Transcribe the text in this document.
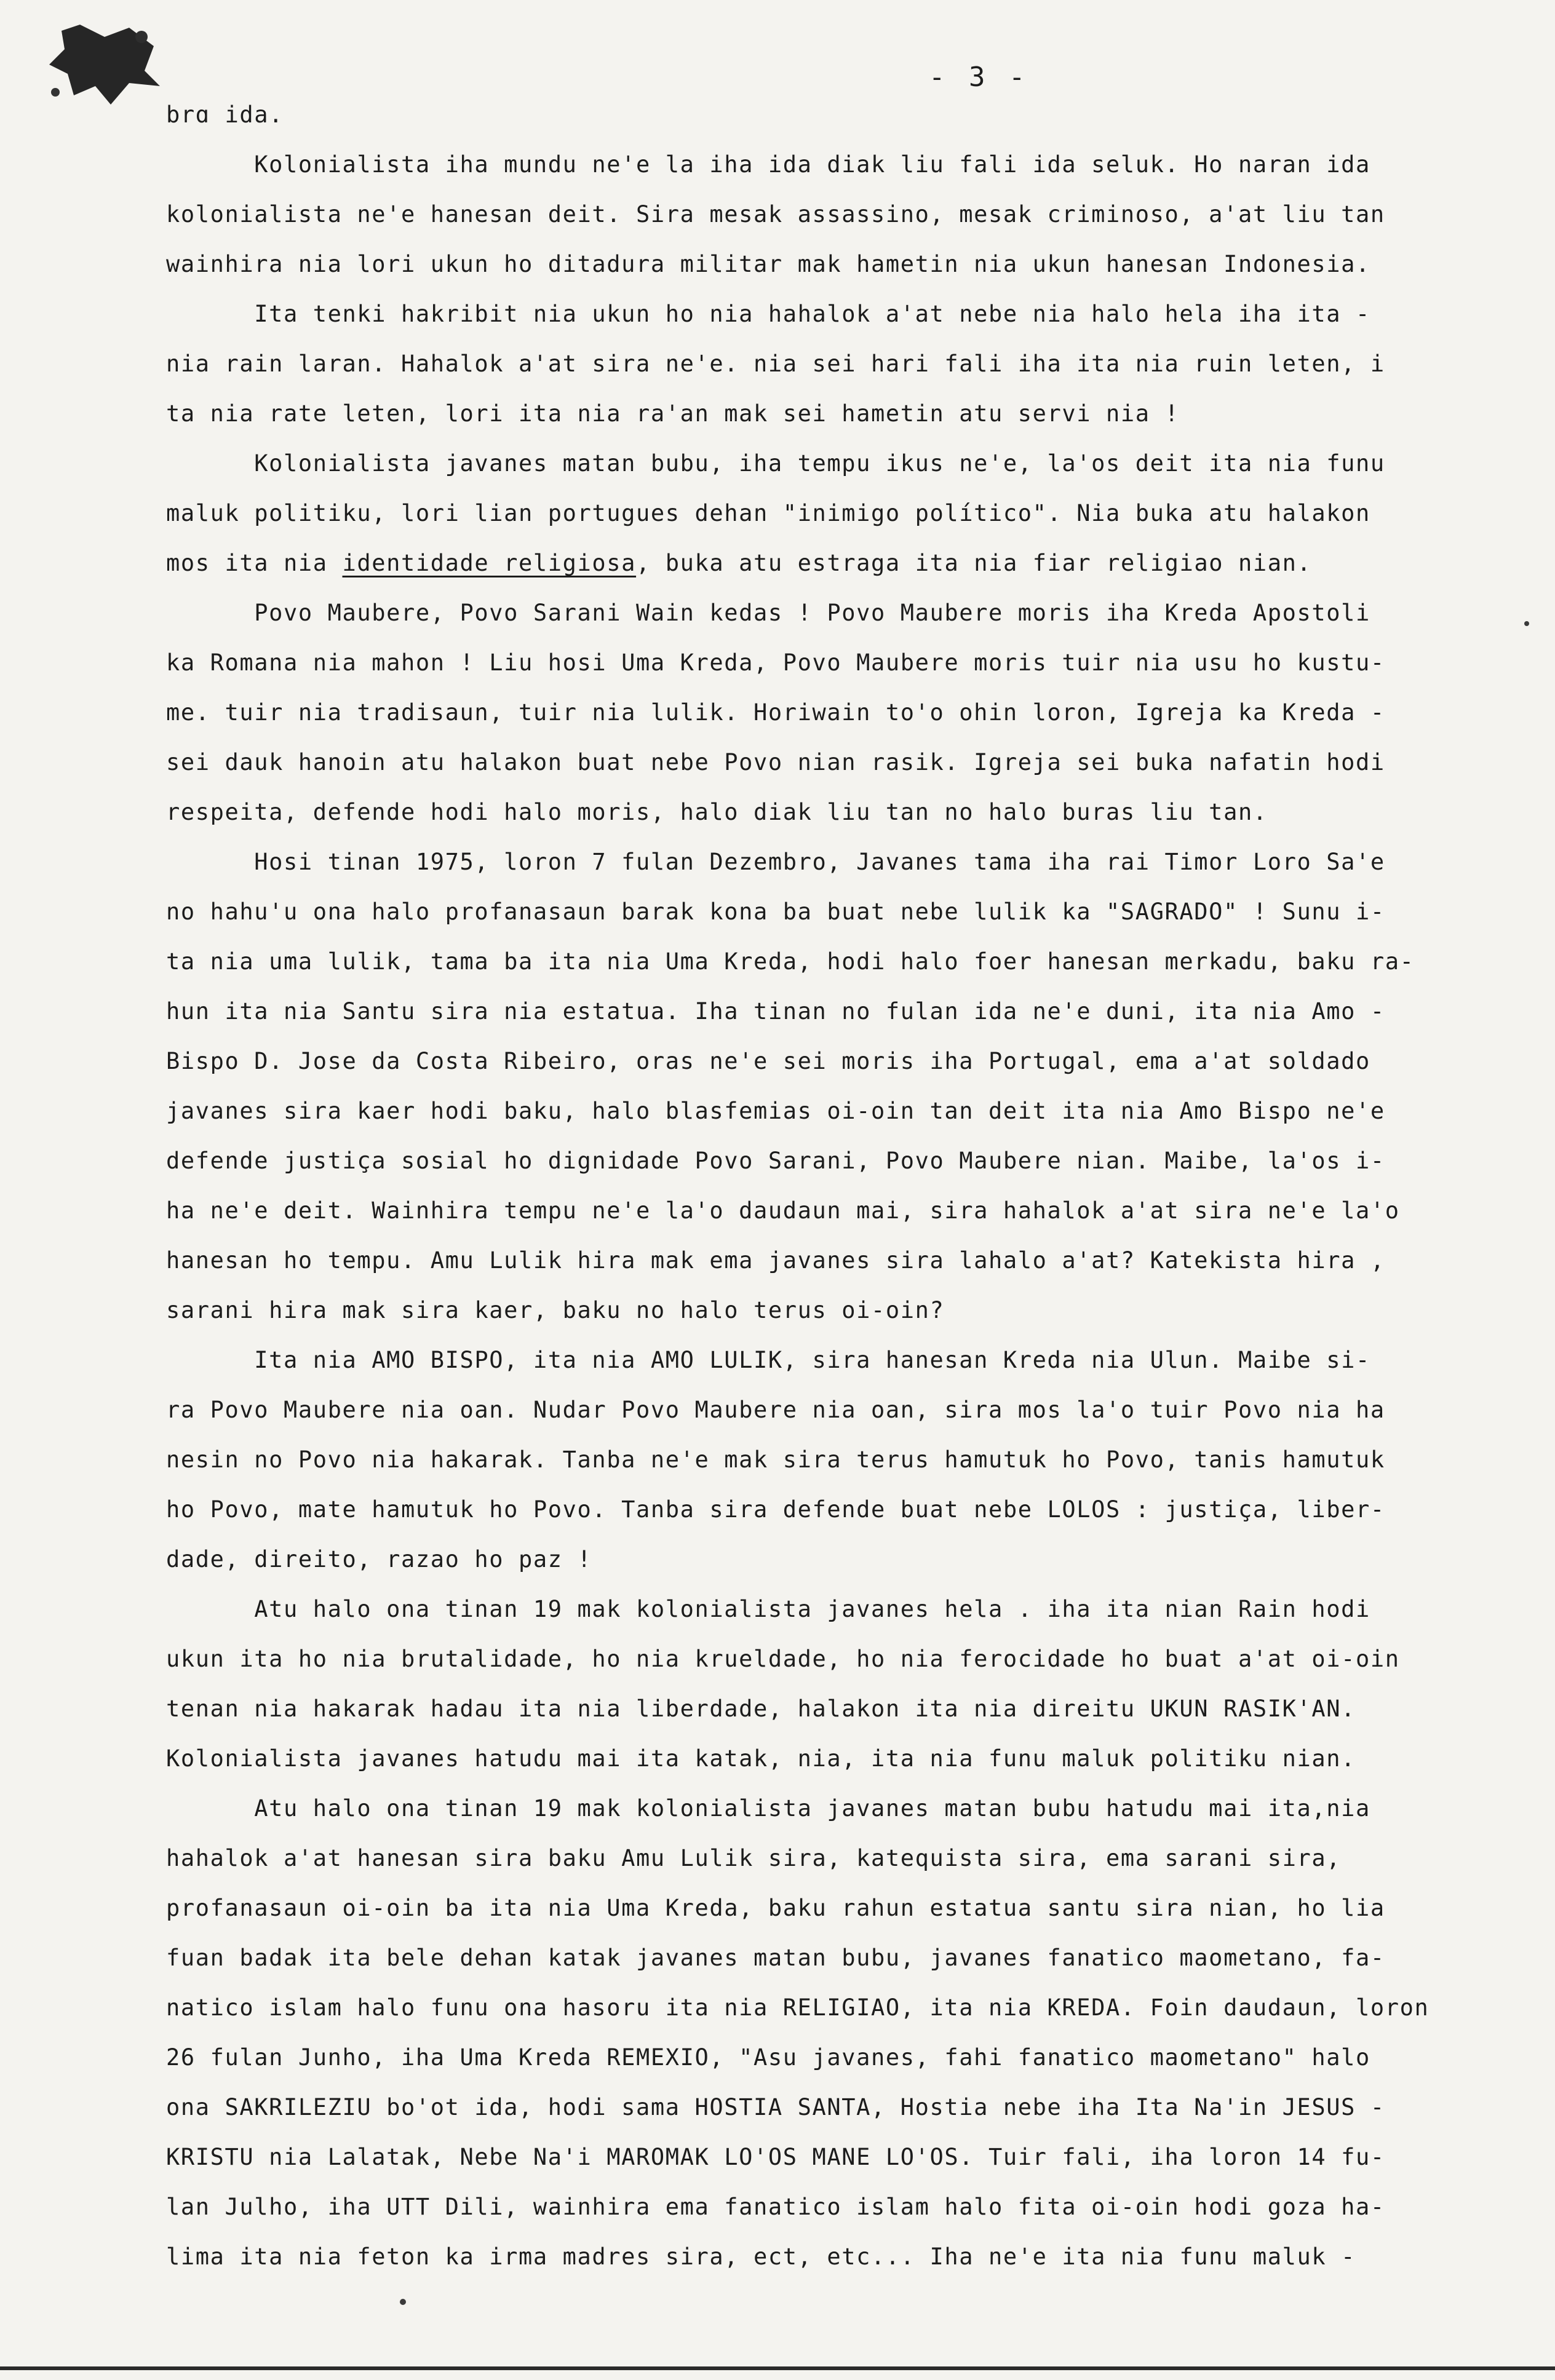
- 3 -
brɑ ida.
Kolonialista iha mundu ne'e la iha ida diak liu fali ida seluk. Ho naran ida
kolonialista ne'e hanesan deit. Sira mesak assassino, mesak criminoso, a'at liu tan
wainhira nia lori ukun ho ditadura militar mak hametin nia ukun hanesan Indonesia.
Ita tenki hakribit nia ukun ho nia hahalok a'at nebe nia halo hela iha ita -
nia rain laran. Hahalok a'at sira ne'e. nia sei hari fali iha ita nia ruin leten, i
ta nia rate leten, lori ita nia ra'an mak sei hametin atu servi nia !
Kolonialista javanes matan bubu, iha tempu ikus ne'e, la'os deit ita nia funu
maluk politiku, lori lian portugues dehan "inimigo político". Nia buka atu halakon
mos ita nia identidade religiosa, buka atu estraga ita nia fiar religiao nian.
Povo Maubere, Povo Sarani Wain kedas ! Povo Maubere moris iha Kreda Apostoli
ka Romana nia mahon ! Liu hosi Uma Kreda, Povo Maubere moris tuir nia usu ho kustu-
me. tuir nia tradisaun, tuir nia lulik. Horiwain to'o ohin loron, Igreja ka Kreda -
sei dauk hanoin atu halakon buat nebe Povo nian rasik. Igreja sei buka nafatin hodi
respeita, defende hodi halo moris, halo diak liu tan no halo buras liu tan.
Hosi tinan 1975, loron 7 fulan Dezembro, Javanes tama iha rai Timor Loro Sa'e
no hahu'u ona halo profanasaun barak kona ba buat nebe lulik ka "SAGRADO" ! Sunu i-
ta nia uma lulik, tama ba ita nia Uma Kreda, hodi halo foer hanesan merkadu, baku ra-
hun ita nia Santu sira nia estatua. Iha tinan no fulan ida ne'e duni, ita nia Amo -
Bispo D. Jose da Costa Ribeiro, oras ne'e sei moris iha Portugal, ema a'at soldado
javanes sira kaer hodi baku, halo blasfemias oi-oin tan deit ita nia Amo Bispo ne'e
defende justiça sosial ho dignidade Povo Sarani, Povo Maubere nian. Maibe, la'os i-
ha ne'e deit. Wainhira tempu ne'e la'o daudaun mai, sira hahalok a'at sira ne'e la'o
hanesan ho tempu. Amu Lulik hira mak ema javanes sira lahalo a'at? Katekista hira ,
sarani hira mak sira kaer, baku no halo terus oi-oin?
Ita nia AMO BISPO, ita nia AMO LULIK, sira hanesan Kreda nia Ulun. Maibe si-
ra Povo Maubere nia oan. Nudar Povo Maubere nia oan, sira mos la'o tuir Povo nia ha
nesin no Povo nia hakarak. Tanba ne'e mak sira terus hamutuk ho Povo, tanis hamutuk
ho Povo, mate hamutuk ho Povo. Tanba sira defende buat nebe LOLOS : justiça, liber-
dade, direito, razao ho paz !
Atu halo ona tinan 19 mak kolonialista javanes hela . iha ita nian Rain hodi
ukun ita ho nia brutalidade, ho nia krueldade, ho nia ferocidade ho buat a'at oi-oin
tenan nia hakarak hadau ita nia liberdade, halakon ita nia direitu UKUN RASIK'AN.
Kolonialista javanes hatudu mai ita katak, nia, ita nia funu maluk politiku nian.
Atu halo ona tinan 19 mak kolonialista javanes matan bubu hatudu mai ita,nia
hahalok a'at hanesan sira baku Amu Lulik sira, katequista sira, ema sarani sira,
profanasaun oi-oin ba ita nia Uma Kreda, baku rahun estatua santu sira nian, ho lia
fuan badak ita bele dehan katak javanes matan bubu, javanes fanatico maometano, fa-
natico islam halo funu ona hasoru ita nia RELIGIAO, ita nia KREDA. Foin daudaun, loron
26 fulan Junho, iha Uma Kreda REMEXIO, "Asu javanes, fahi fanatico maometano" halo
ona SAKRILEZIU bo'ot ida, hodi sama HOSTIA SANTA, Hostia nebe iha Ita Na'in JESUS -
KRISTU nia Lalatak, Nebe Na'i MAROMAK LO'OS MANE LO'OS. Tuir fali, iha loron 14 fu-
lan Julho, iha UTT Dili, wainhira ema fanatico islam halo fita oi-oin hodi goza ha-
lima ita nia feton ka irma madres sira, ect, etc... Iha ne'e ita nia funu maluk -
